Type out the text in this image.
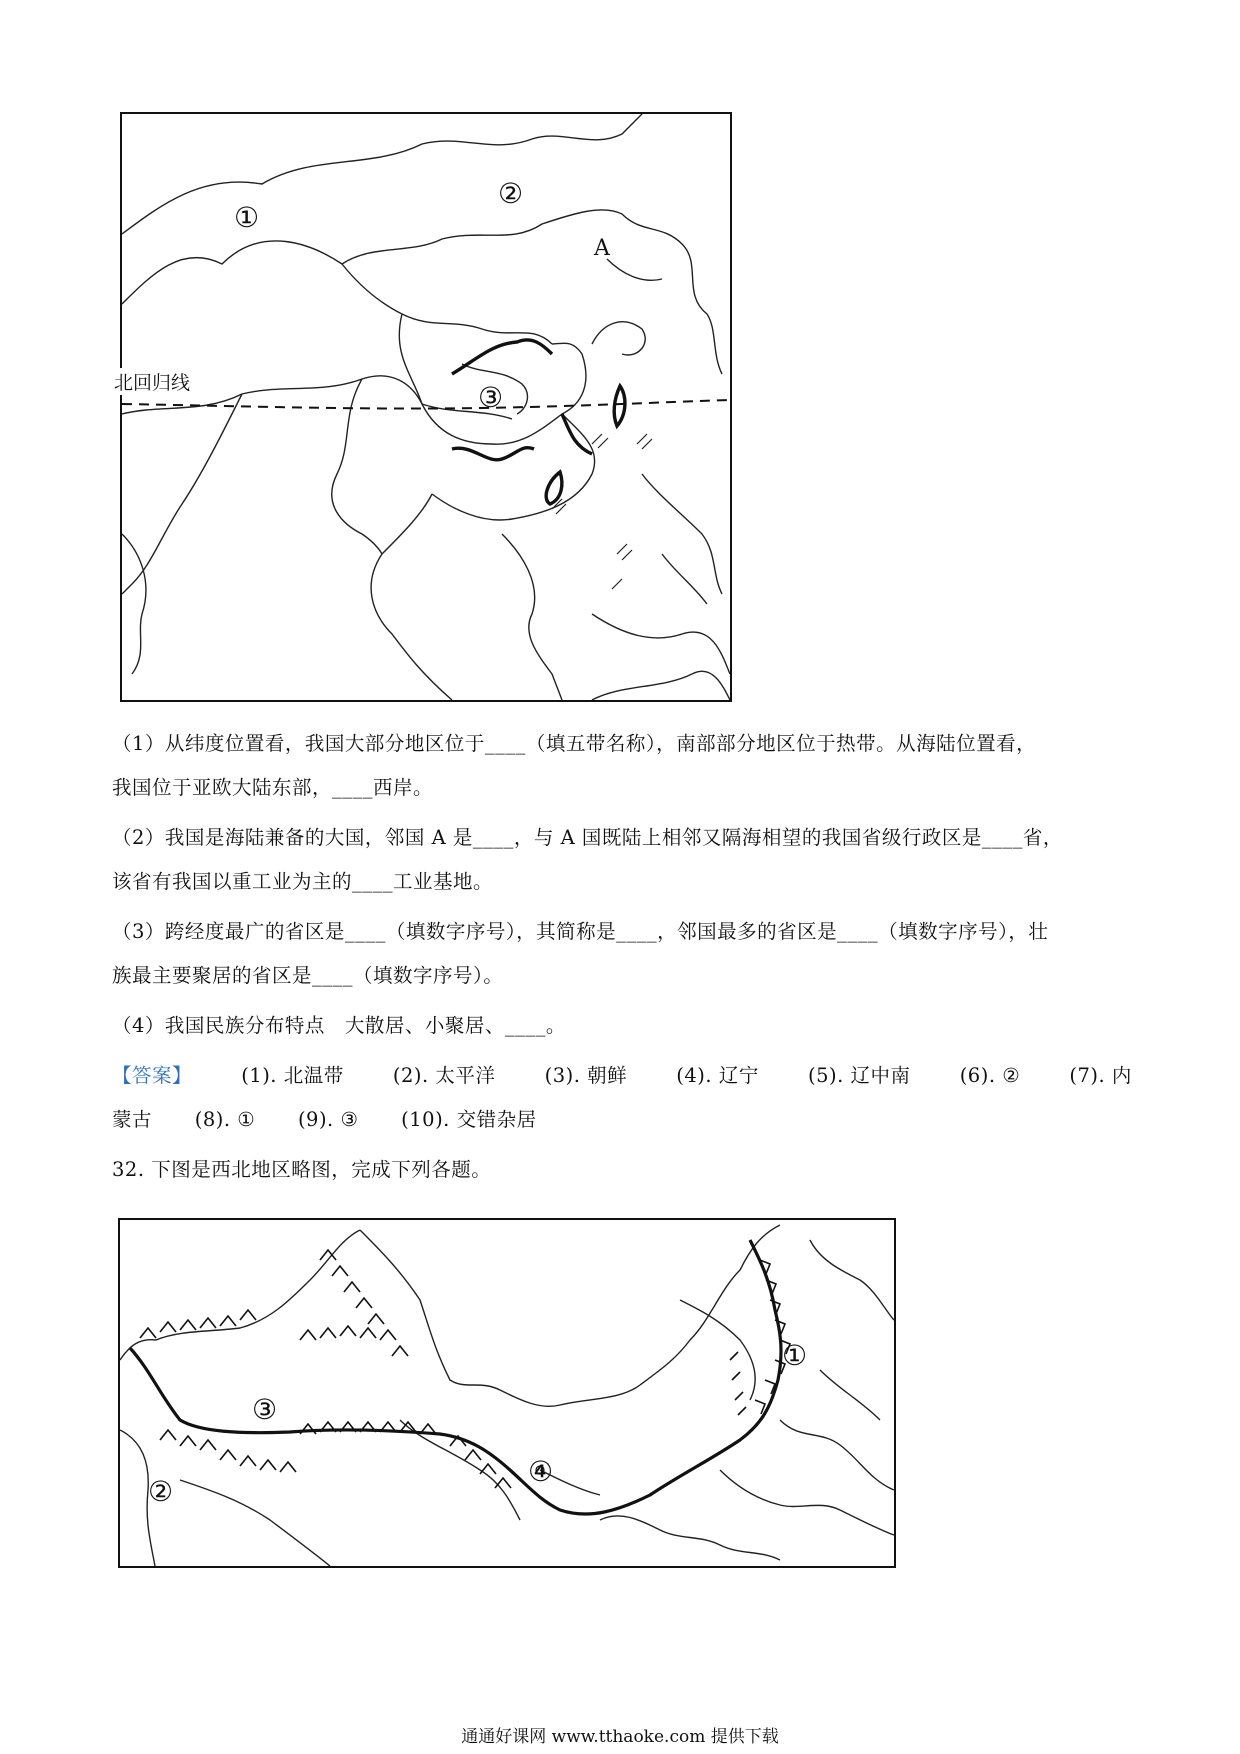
①
②
③
A
北回归线
（1）从纬度位置看，我国大部分地区位于____（填五带名称），南部部分地区位于热带。从海陆位置看，
我国位于亚欧大陆东部，____西岸。
（2）我国是海陆兼备的大国，邻国 A 是____，与 A 国既陆上相邻又隔海相望的我国省级行政区是____省，
该省有我国以重工业为主的____工业基地。
（3）跨经度最广的省区是____（填数字序号），其简称是____，邻国最多的省区是____（填数字序号），壮
族最主要聚居的省区是____（填数字序号）。
（4）我国民族分布特点　大散居、小聚居、____。
【答案】	(1). 北温带	(2). 太平洋	(3). 朝鲜	(4). 辽宁	(5). 辽中南	(6). ②	(7). 内
蒙古 (8). ① (9). ③ (10). 交错杂居
32. 下图是西北地区略图，完成下列各题。
③
②
④
①
通通好课网 www.tthaoke.com 提供下载
